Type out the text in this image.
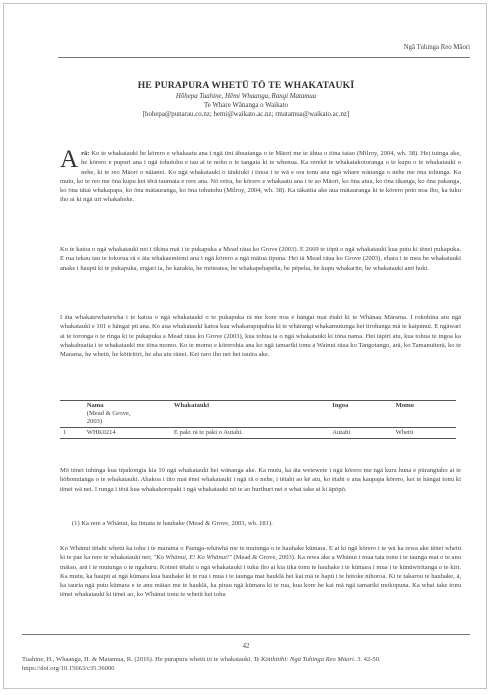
Ngā Tuhinga Reo Māori

HE PURAPURA WHETŪ TŌ TE WHAKATAUKĪ

Hōhepa Tuahine, Hēmi Whaanga, Rangi Matamua

Te Whare Wānanga o Waikato

[hohepa@punarau.co.nz; hemi@waikato.ac.nz; rmatamua@waikato.ac.nz]

Arā: Ko te whakataukī he kōrero e whakaatu ana i ngā tini āhuatanga o te Māori me te āhua o tōna taiao (Milroy, 2004, wh. 38). Hei tuinga ake, he kōrero e pupuri ana i ngā tohutohu e tau ai te noho o te tangata ki te whenua. Ka rerekē te whakatakotoranga o te kupu o te whakataukī o nehe, ki te reo Māori o nāianei. Ko ngā whakataukī o tāukiuki i tinoa i te wā e ora tonu ana ngā whare wānanga o nehe me ōna tohunga. Ka mutu, ko te reo me ōna kupu kei tērā taumata e rere ana. Nō reira, he kōrero e whakaatu ana i te ao Māori, ko ōna atua, ko ōna tikanga, ko ōna pakanga, ko ōna tātai whakapapa, ko ōna mātauranga, ko ōna tohutohu (Milroy, 2004, wh. 38). Ka tākaitia ake aua mātauranga ki te kōrero poto noa iho, ka tuku iho ai ki ngā uri whakaheke.

Ko te katoa o ngā whakataukī nei i tīkina mai i te pukapuka a Mead rāua ko Grove (2003). E 2669 te tōpū o ngā whakataukī kua putu ki tēnei pukapuka. E rua tekau tau te tokorua rā e āta whakaemiemi ana i ngā kōrero a ngā mātua tīpuna. Hei tā Mead rāua ko Grove (2003), ehara i te mea he whakataukī anake i haupū ki te pukapuka, engari ia, he karakia, he mōteatea, he whakapehapeha, he pēpeha, he kupu whakarite, he whakataukī anō hoki.

I āta whakatewhatewha i te katoa o ngā whakataukī o te pukapuka rā me kore noa e hāngai mai ētahi ki te Whānau Mārama. I rokohina atu ngā whakataukī e 101 e hāngai pū ana. Ko aua whakataukī katoa kua whakarapupahia ki te whārangi whakamutunga hei tirohanga mā te kaipānui. E ngāwari ai te toronga o te ringa ki te pukapuka a Mead rāua ko Grove (2003), kua tohua ia o ngā whakataukī ki tōna nama. Hei tāpiri atu, kua tohua te ingoa ka whakahuatia i te whakataukī me tōna momo. Ko te momo e kōrerohia ana ko ngā tamariki tonu a Wainui rāua ko Tangotango, arā, ko Tamanuiterā, ko te Marama, he whetū, he kōtiritiri, he aha atu rānei. Kei raro iho nei hei tauira ake.

	Nama
(Mead & Grove,
2003)	Whakataukī	Ingoa	Momo
1	WHK0214	E paki rā te paki o Autahi.	Autahi	Whetū

Mō tēnei tuhinga kua tīpakongia kia 10 ngā whakataukī hei wānanga ake. Ka mutu, ka āta wetewete i ngā kōrero me ngā kura huna e pūrangiaho ai te hōhonutanga o te whakataukī. Ahakoa i tito mai ēnei whakataukī i ngā rā o nehe, i tētahi ao kē atu, ko ētahi o ana kaupapa kōrero, kei te hāngai tonu ki tēnei wā nei. I runga i tērā kua whakahoropaki i ngā whakataukī nō te ao hurihuri nei e whai take ai ki āpōpō.

(1) Ka rere a Whānui, ka tīmata te hauhake (Mead & Grove, 2003, wh. 181).

Ko Whānui tētahi whetū ka tohu i te marama o Paenga-whāwhā me te mutunga o te hauhake kūmara. E ai ki ngā kōrero i te wā ka rewa ake tēnei whetū ki te pae ka rere te whakataukī nei; "Ko Whānui, E! Ko Whānui!" (Mead & Grove, 2003). Ka rewa ake a Whānui i mua tata tonu i te taunga mai o te anu mātao, arā i te mutunga o te ngahuru. Koinei tētahi o ngā whakataukī i tuku iho ai kia tika tonu te hauhake i te kūmara i mua i te kūnūwiritanga o te kiri. Ka mutu, ka haupū ai ngā kūmara kua hauhake ki te rua i mua i te taunga mai hauklā hei kai mā te hapū i te hōtoke nihoroa. Ki te takarou te hauhake, ā, ka tauria ngā putu kūmara e te anu mātao me te hauklā, ka pirau ngā kūmara ki te rua, kua kore he kai mā ngā tamariki mokopuna. Ka whai take tonu tēnei whakataukī ki tēnei ao, ko Whānui tonu te whetū hei tohu

42
Tuahine, H., Whaanga, H. & Matamua, R. (2016). He purapura whetū tō te whakataukī. Te Kōtihitihi: Ngā Tuhinga Reo Māori. 3. 42-50.
https://doi.org/10.15663/c35.36006
